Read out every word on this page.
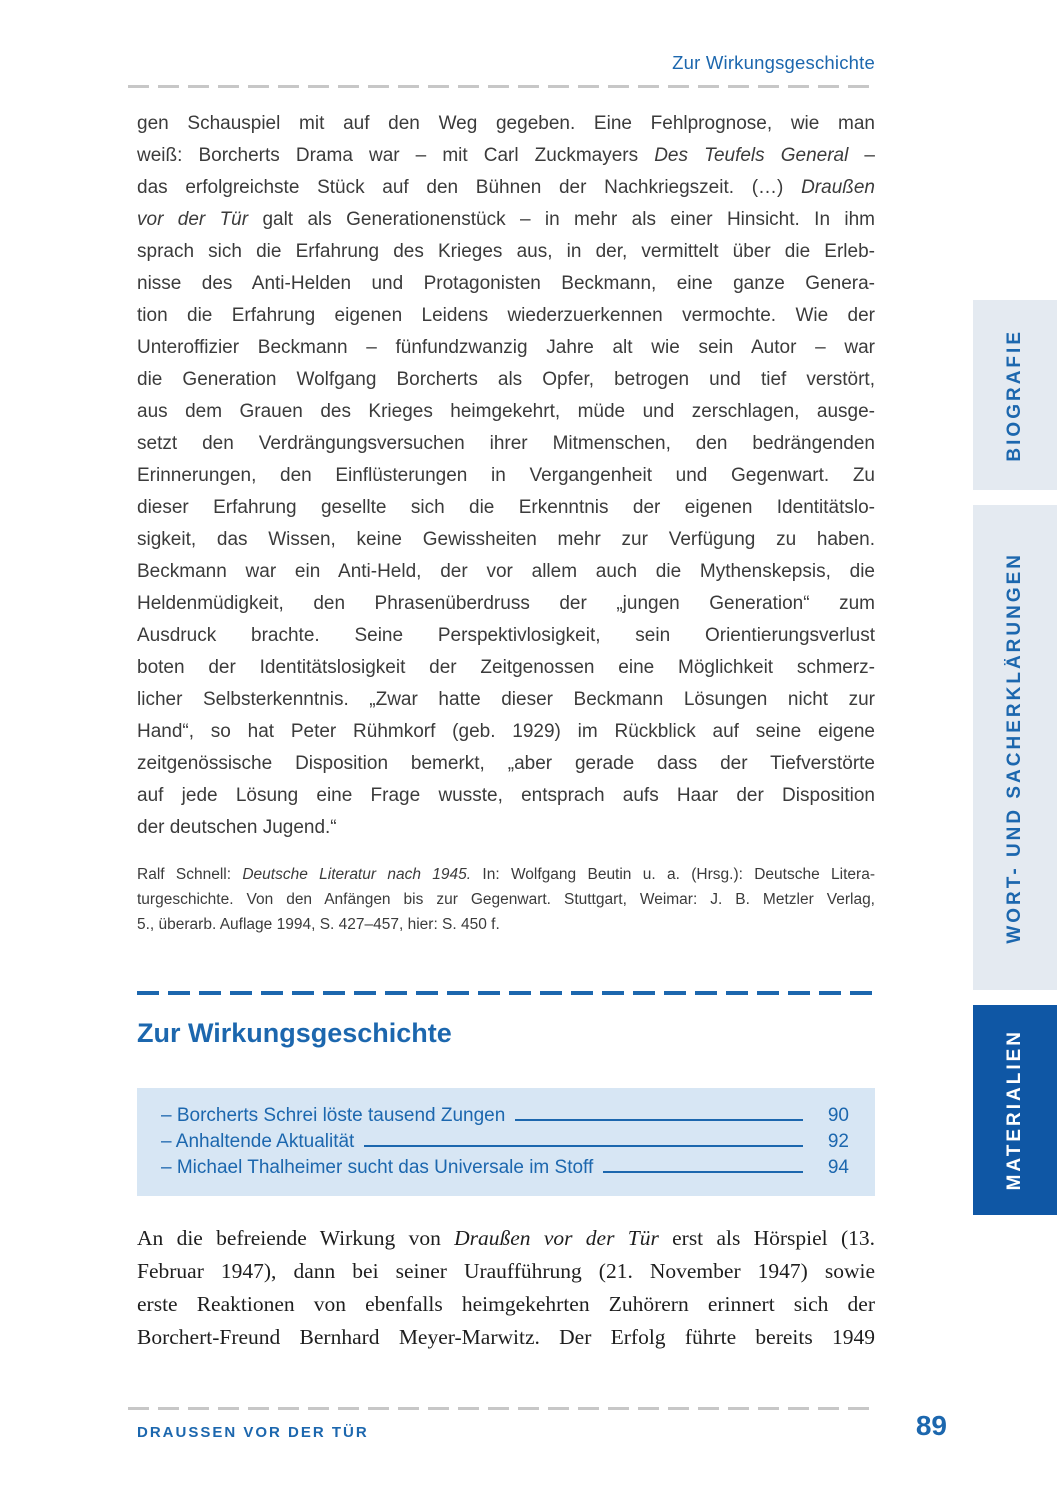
Zur Wirkungsgeschichte
gen Schauspiel mit auf den Weg gegeben. Eine Fehlprognose, wie man
weiß: Borcherts Drama war – mit Carl Zuckmayers Des Teufels General –
das erfolgreichste Stück auf den Bühnen der Nachkriegszeit. (…) Draußen
vor der Tür galt als Generationenstück – in mehr als einer Hinsicht. In ihm
sprach sich die Erfahrung des Krieges aus, in der, vermittelt über die Erleb-
nisse des Anti-Helden und Protagonisten Beckmann, eine ganze Genera-
tion die Erfahrung eigenen Leidens wiederzuerkennen vermochte. Wie der
Unteroffizier Beckmann – fünfundzwanzig Jahre alt wie sein Autor – war
die Generation Wolfgang Borcherts als Opfer, betrogen und tief verstört,
aus dem Grauen des Krieges heimgekehrt, müde und zerschlagen, ausge-
setzt den Verdrängungsversuchen ihrer Mitmenschen, den bedrängenden
Erinnerungen, den Einflüsterungen in Vergangenheit und Gegenwart. Zu
dieser Erfahrung gesellte sich die Erkenntnis der eigenen Identitätslo-
sigkeit, das Wissen, keine Gewissheiten mehr zur Verfügung zu haben.
Beckmann war ein Anti-Held, der vor allem auch die Mythenskepsis, die
Heldenmüdigkeit, den Phrasenüberdruss der „jungen Generation“ zum
Ausdruck brachte. Seine Perspektivlosigkeit, sein Orientierungsverlust
boten der Identitätslosigkeit der Zeitgenossen eine Möglichkeit schmerz-
licher Selbsterkenntnis. „Zwar hatte dieser Beckmann Lösungen nicht zur
Hand“, so hat Peter Rühmkorf (geb. 1929) im Rückblick auf seine eigene
zeitgenössische Disposition bemerkt, „aber gerade dass der Tiefverstörte
auf jede Lösung eine Frage wusste, entsprach aufs Haar der Disposition
der deutschen Jugend.“
Ralf Schnell: Deutsche Literatur nach 1945. In: Wolfgang Beutin u. a. (Hrsg.): Deutsche Litera-
turgeschichte. Von den Anfängen bis zur Gegenwart. Stuttgart, Weimar: J. B. Metzler Verlag,
5., überarb. Auflage 1994, S. 427–457, hier: S. 450 f.
Zur Wirkungsgeschichte
– Borcherts Schrei löste tausend Zungen	90
– Anhaltende Aktualität	92
– Michael Thalheimer sucht das Universale im Stoff	94
An die befreiende Wirkung von Draußen vor der Tür erst als Hörspiel (13.
Februar 1947), dann bei seiner Uraufführung (21. November 1947) sowie
erste Reaktionen von ebenfalls heimgekehrten Zuhörern erinnert sich der
Borchert-Freund Bernhard Meyer-Marwitz. Der Erfolg führte bereits 1949
DRAUSSEN VOR DER TÜR	89
BIOGRAFIE
WORT- UND SACHERKLÄRUNGEN
MATERIALIEN
